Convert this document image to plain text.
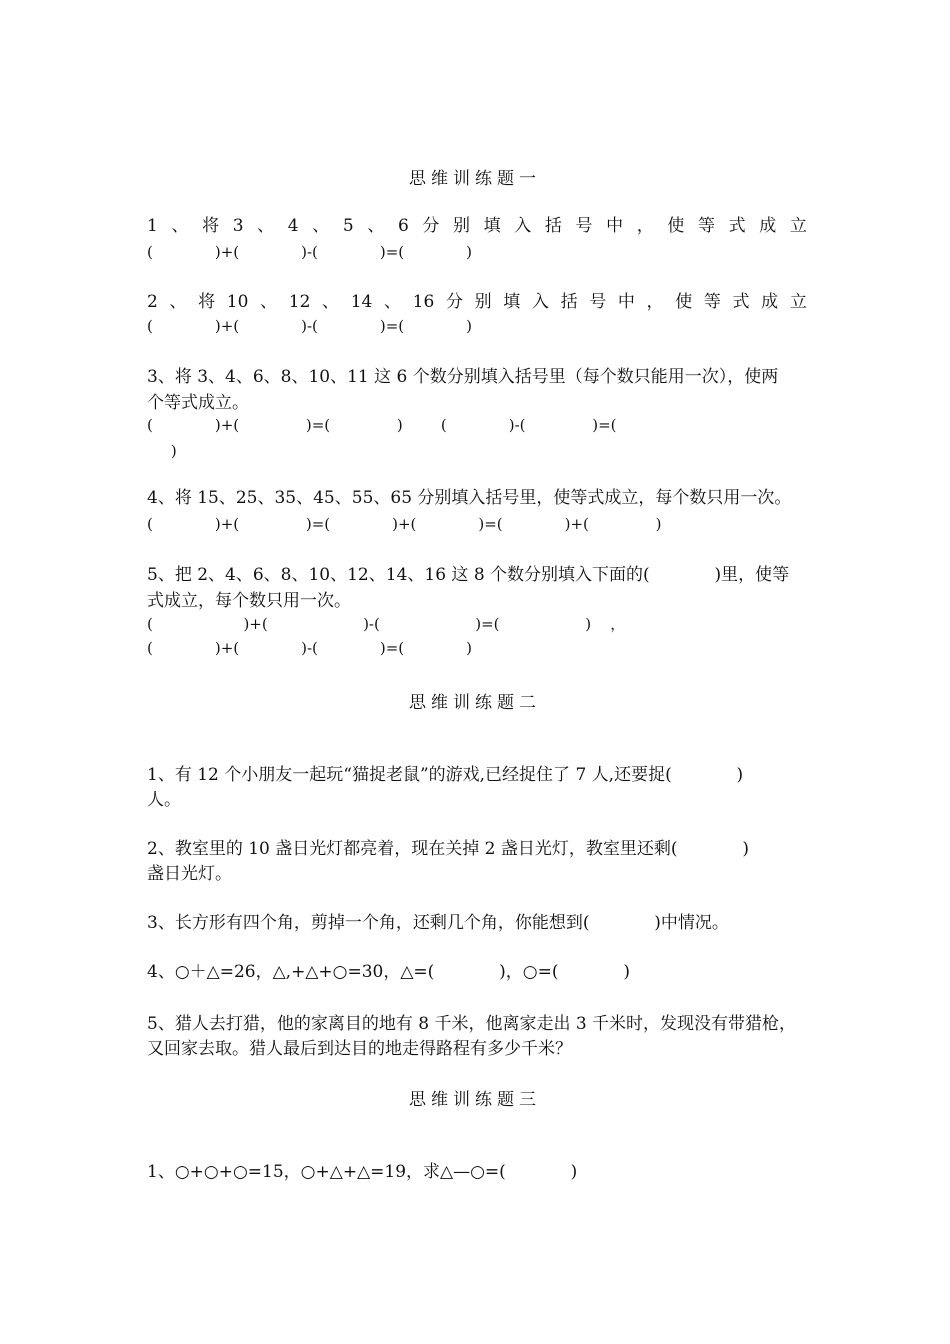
思维训练题一
1 、 将 3 、 4 、 5 、 6 分 别 填 入 括 号 中 ， 使 等 式 成 立
(             )+(             )-(             )=(             )
2 、 将 10 、 12 、 14 、 16 分 别 填 入 括 号 中 ， 使 等 式 成 立
(             )+(             )-(             )=(             )
3、将 3、4、6、8、10、11 这 6 个数分别填入括号里（每个数只能用一次），使两
个等式成立。
(             )+(              )=(              )        (             )-(              )=(
)
4、将 15、25、35、45、55、65 分别填入括号里，使等式成立，每个数只用一次。
(             )+(              )=(             )+(             )=(             )+(              )
5、把 2、4、6、8、10、12、14、16 这 8 个数分别填入下面的(            )里，使等
式成立，每个数只用一次。
(                   )+(                    )-(                    )=(                  )    ，
(             )+(             )-(             )=(             )
思维训练题二
1、有 12 个小朋友一起玩“猫捉老鼠”的游戏,已经捉住了 7 人,还要捉(            )
人。
2、教室里的 10 盏日光灯都亮着，现在关掉 2 盏日光灯，教室里还剩(            )
盏日光灯。
3、长方形有四个角，剪掉一个角，还剩几个角，你能想到(            )中情况。
4、○＋△=26，△,+△+○=30，△=(            )，○=(            )
5、猎人去打猎，他的家离目的地有 8 千米，他离家走出 3 千米时，发现没有带猎枪，
又回家去取。猎人最后到达目的地走得路程有多少千米？
思维训练题三
1、○+○+○=15，○+△+△=19，求△—○=(            )
